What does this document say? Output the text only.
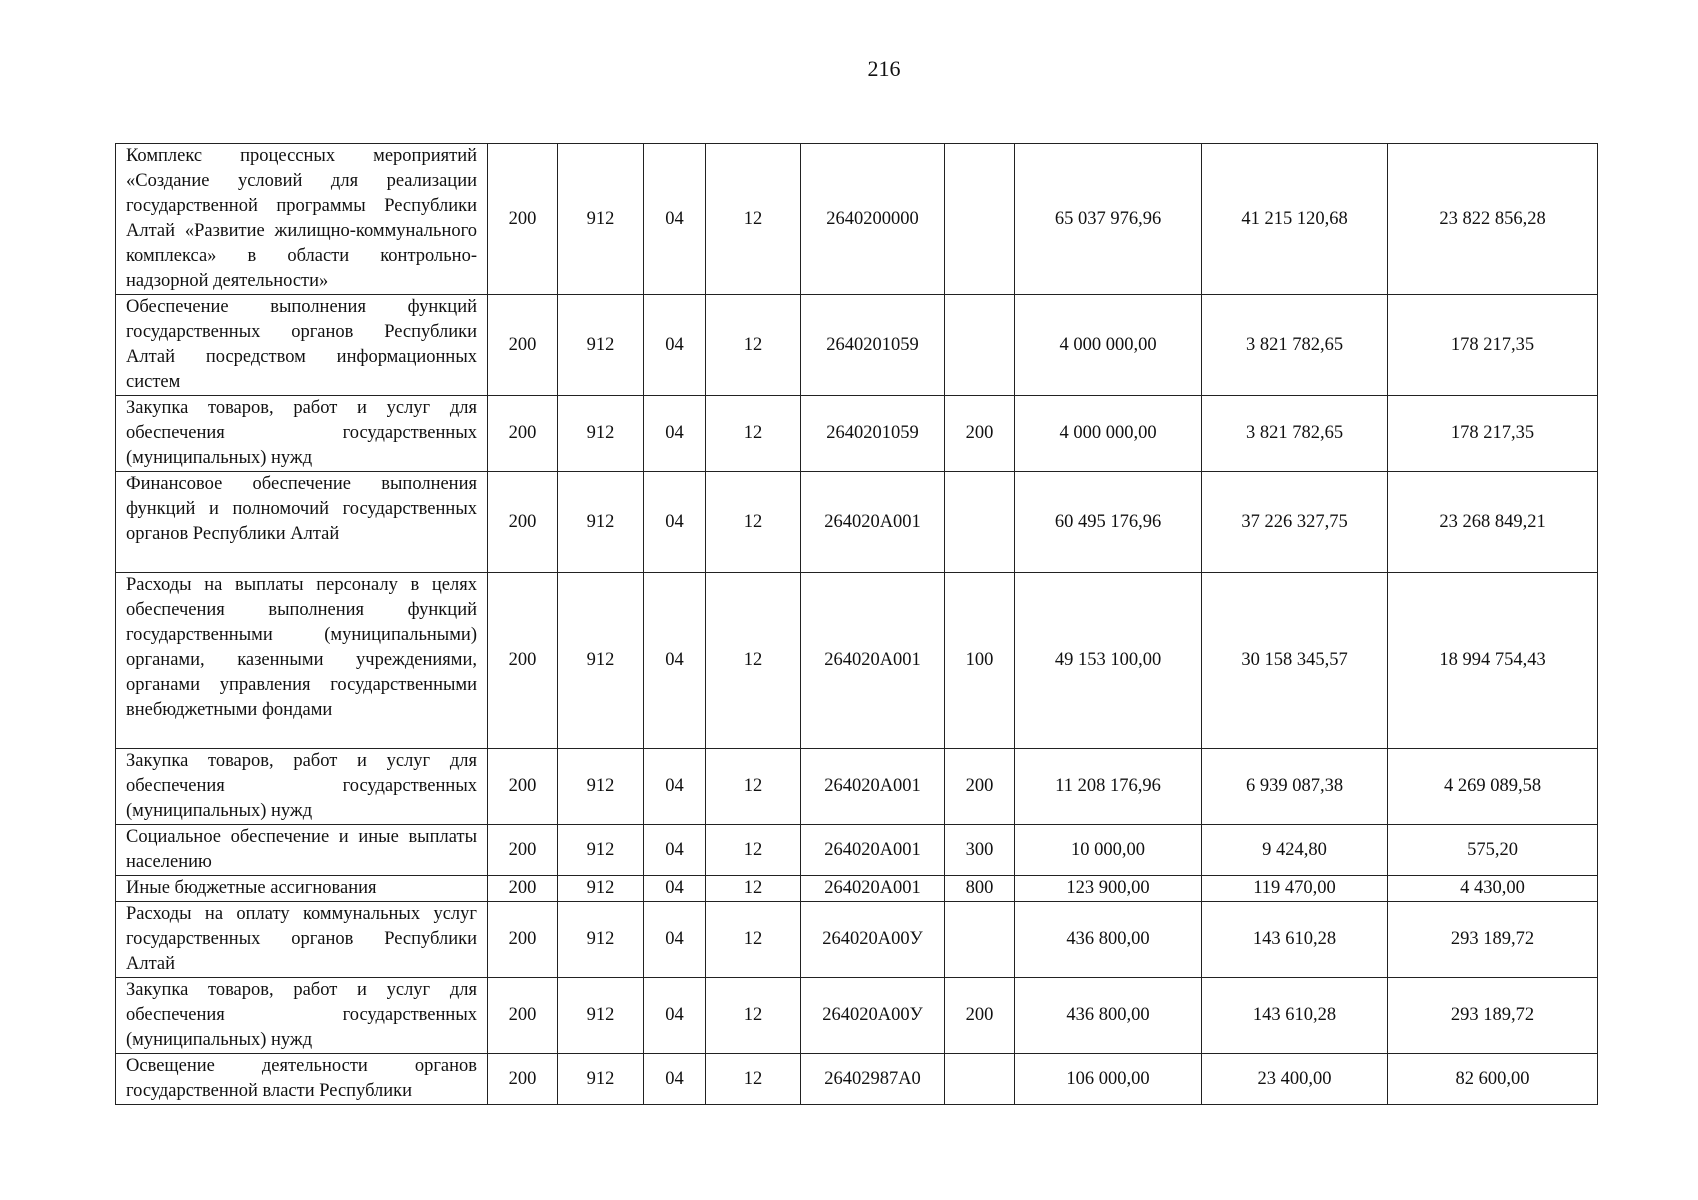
216
Комплекс процессных мероприятий «Создание условий для реализации государственной программы Республики Алтай «Развитие жилищно-коммунального комплекса» в области контрольно-надзорной деятельности»	200	912	04	12	2640200000		65 037 976,96	41 215 120,68	23 822 856,28
Обеспечение выполнения функций государственных органов Республики Алтай посредством информационных систем	200	912	04	12	2640201059		4 000 000,00	3 821 782,65	178 217,35
Закупка товаров, работ и услуг для обеспечения государственных (муниципальных) нужд	200	912	04	12	2640201059	200	4 000 000,00	3 821 782,65	178 217,35
Финансовое обеспечение выполнения функций и полномочий государственных органов Республики Алтай	200	912	04	12	264020А001		60 495 176,96	37 226 327,75	23 268 849,21
Расходы на выплаты персоналу в целях обеспечения выполнения функций государственными (муниципальными) органами, казенными учреждениями, органами управления государственными внебюджетными фондами	200	912	04	12	264020А001	100	49 153 100,00	30 158 345,57	18 994 754,43
Закупка товаров, работ и услуг для обеспечения государственных (муниципальных) нужд	200	912	04	12	264020А001	200	11 208 176,96	6 939 087,38	4 269 089,58
Социальное обеспечение и иные выплаты населению	200	912	04	12	264020А001	300	10 000,00	9 424,80	575,20
Иные бюджетные ассигнования	200	912	04	12	264020А001	800	123 900,00	119 470,00	4 430,00
Расходы на оплату коммунальных услуг государственных органов Республики Алтай	200	912	04	12	264020А00У		436 800,00	143 610,28	293 189,72
Закупка товаров, работ и услуг для обеспечения государственных (муниципальных) нужд	200	912	04	12	264020А00У	200	436 800,00	143 610,28	293 189,72
Освещение деятельности органов государственной власти Республики	200	912	04	12	26402987А0		106 000,00	23 400,00	82 600,00
